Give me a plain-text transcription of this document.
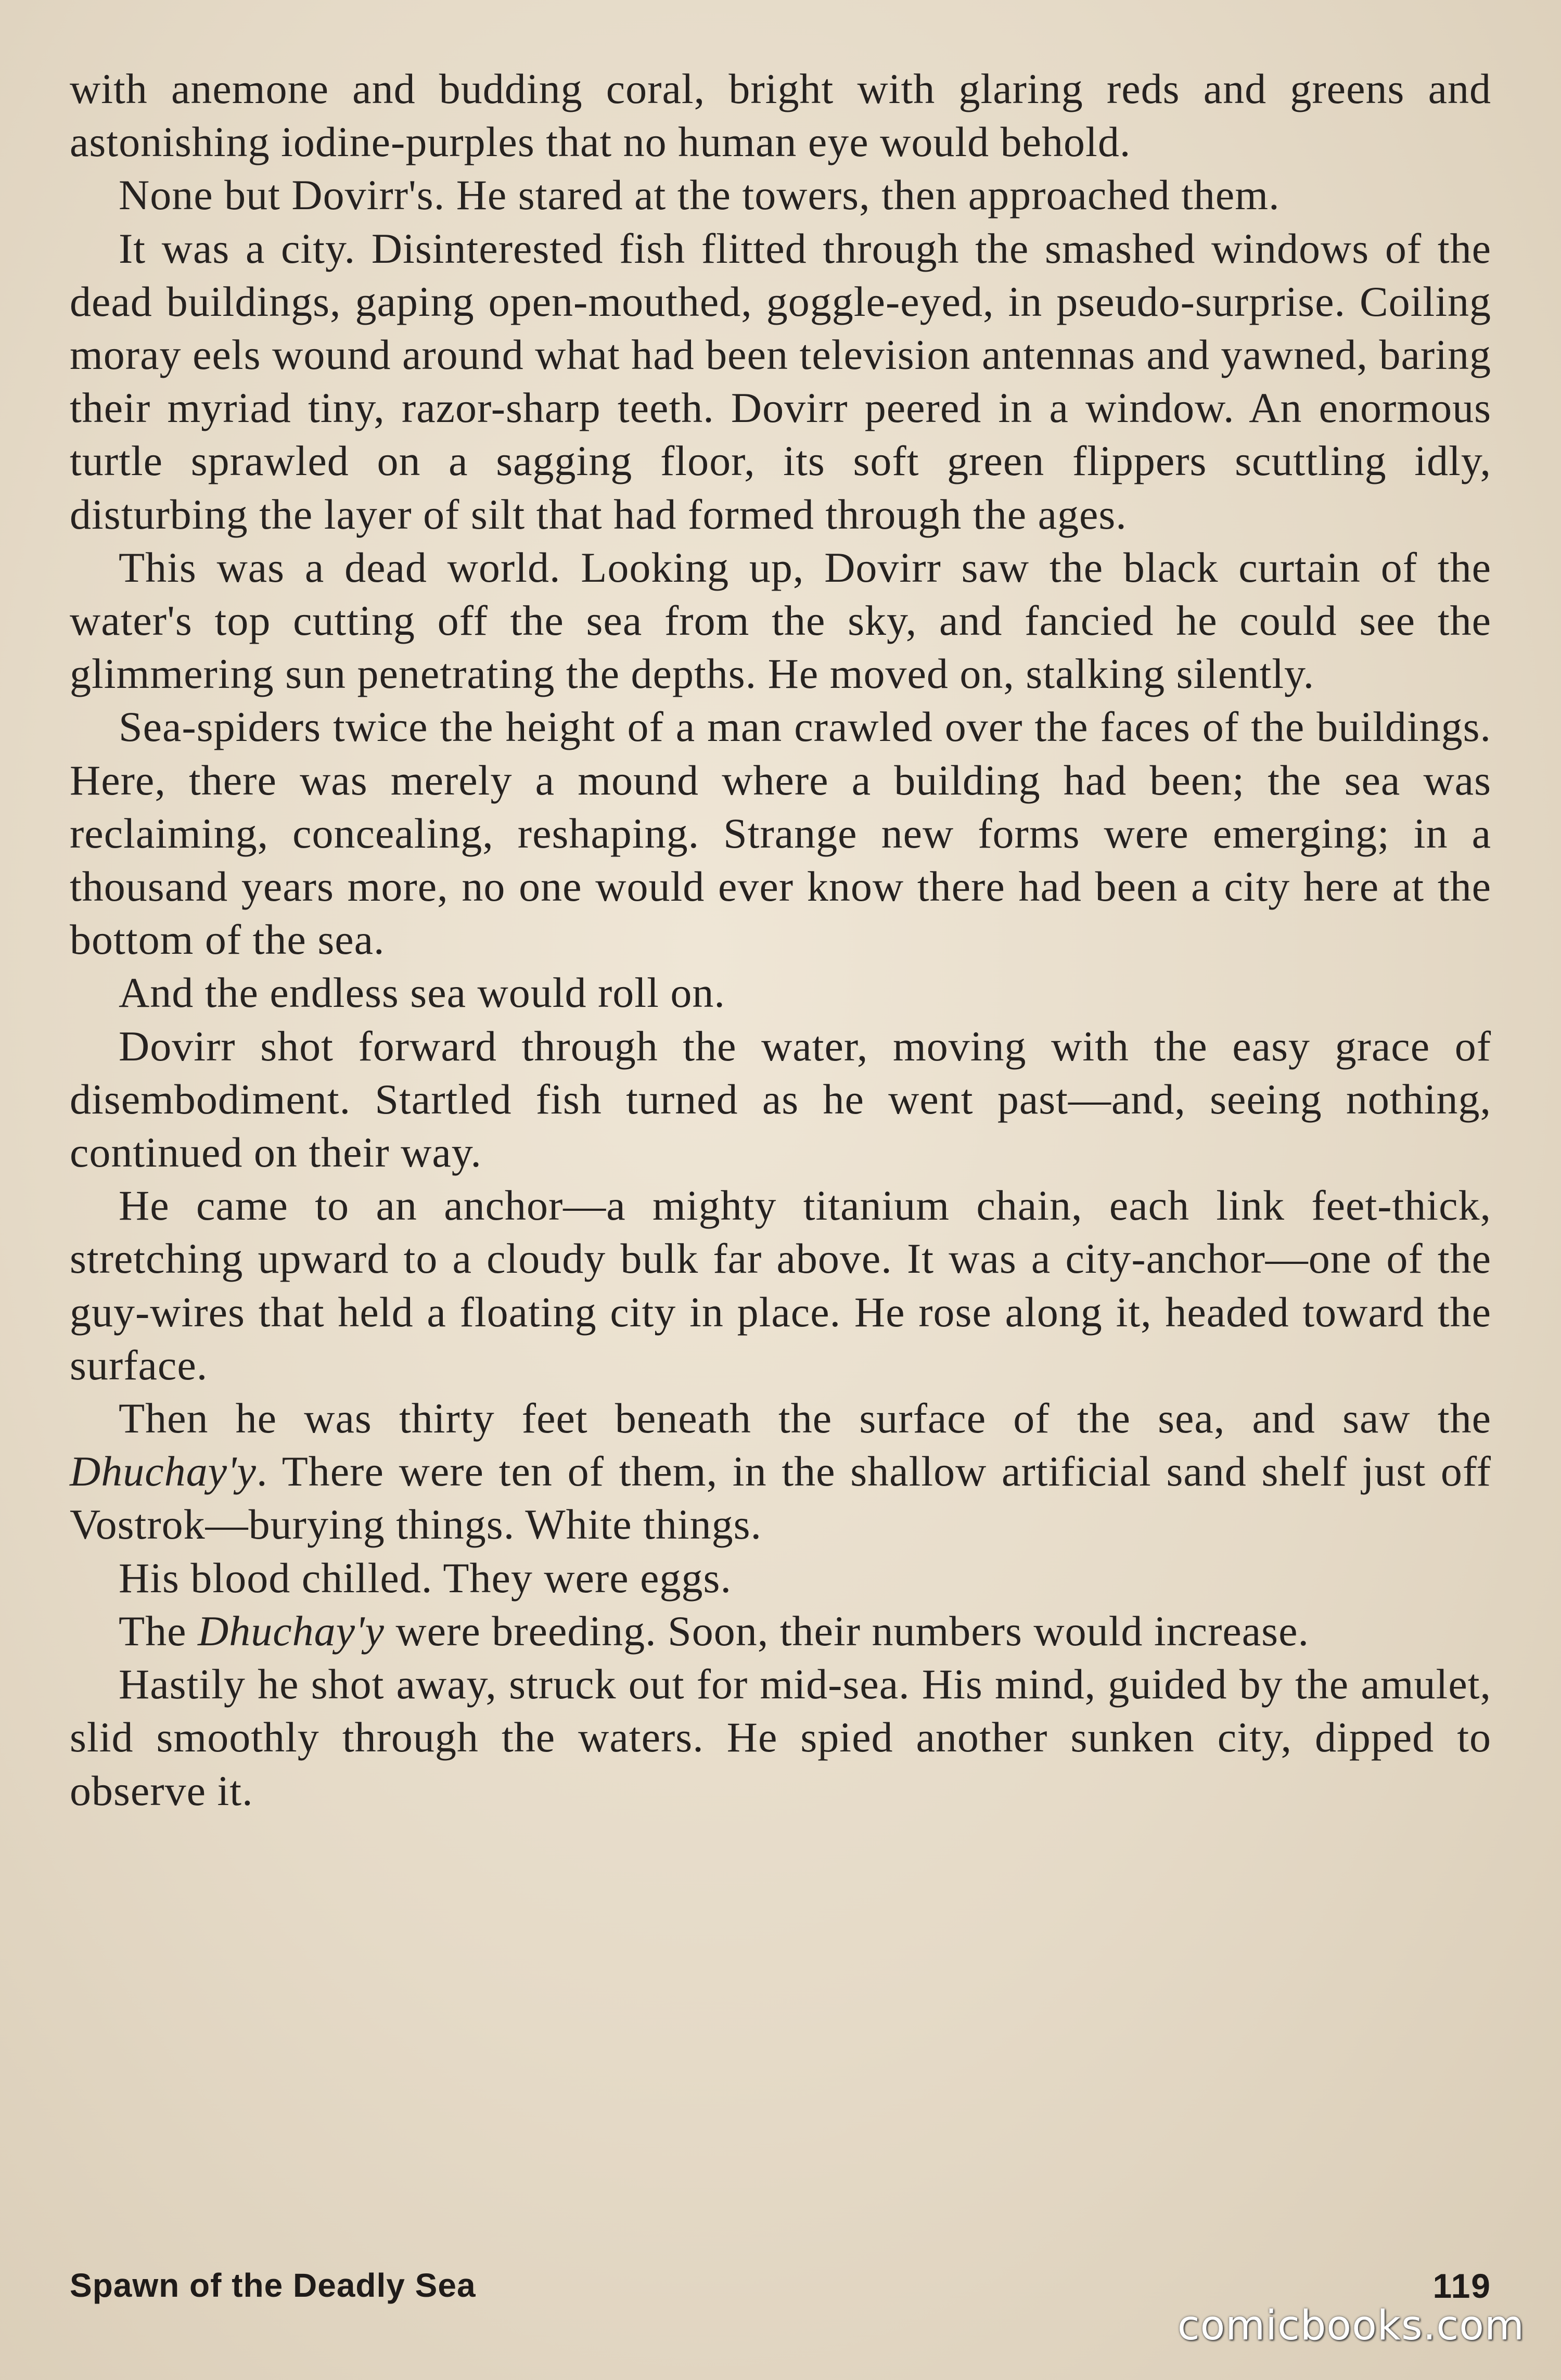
with anemone and budding coral, bright with glaring reds and greens and astonishing iodine-purples that no human eye would behold.

None but Dovirr's. He stared at the towers, then approached them.

It was a city. Disinterested fish flitted through the smashed windows of the dead buildings, gaping open-mouthed, goggle-eyed, in pseudo-surprise. Coiling moray eels wound around what had been television antennas and yawned, baring their myriad tiny, razor-sharp teeth. Dovirr peered in a window. An enormous turtle sprawled on a sagging floor, its soft green flippers scuttling idly, disturbing the layer of silt that had formed through the ages.

This was a dead world. Looking up, Dovirr saw the black curtain of the water's top cutting off the sea from the sky, and fancied he could see the glimmering sun penetrating the depths. He moved on, stalking silently.

Sea-spiders twice the height of a man crawled over the faces of the buildings. Here, there was merely a mound where a building had been; the sea was reclaiming, concealing, reshaping. Strange new forms were emerging; in a thousand years more, no one would ever know there had been a city here at the bottom of the sea.

And the endless sea would roll on.

Dovirr shot forward through the water, moving with the easy grace of disembodiment. Startled fish turned as he went past—and, seeing nothing, continued on their way.

He came to an anchor—a mighty titanium chain, each link feet-thick, stretching upward to a cloudy bulk far above. It was a city-anchor—one of the guy-wires that held a floating city in place. He rose along it, headed toward the surface.

Then he was thirty feet beneath the surface of the sea, and saw the Dhuchay'y. There were ten of them, in the shallow artificial sand shelf just off Vostrok—burying things. White things.

His blood chilled. They were eggs.

The Dhuchay'y were breeding. Soon, their numbers would increase.

Hastily he shot away, struck out for mid-sea. His mind, guided by the amulet, slid smoothly through the waters. He spied another sunken city, dipped to observe it.

Spawn of the Deadly Sea	119
comicbooks.com
